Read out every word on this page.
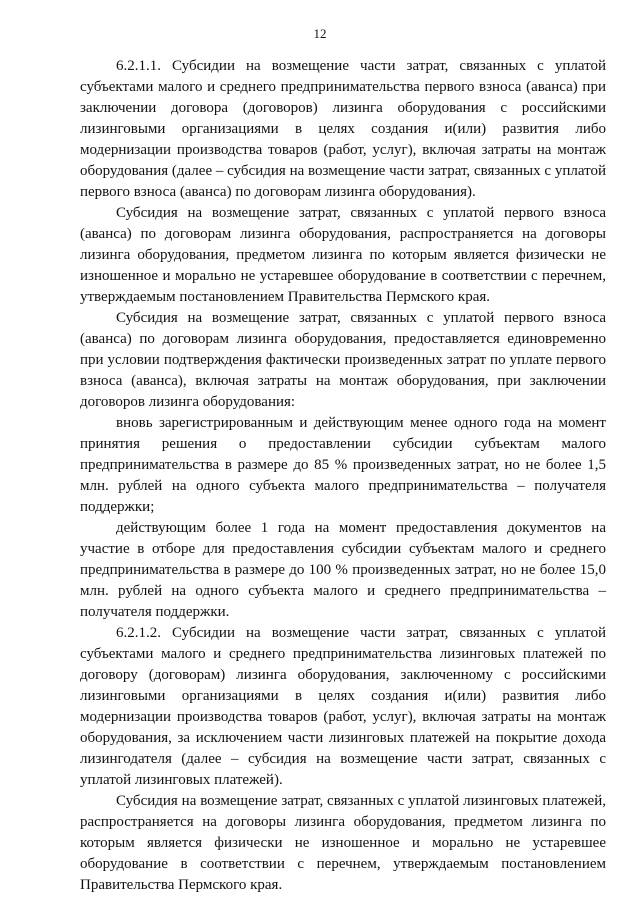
12

6.2.1.1. Субсидии на возмещение части затрат, связанных с уплатой субъектами малого и среднего предпринимательства первого взноса (аванса) при заключении договора (договоров) лизинга оборудования с российскими лизинговыми организациями в целях создания и(или) развития либо модернизации производства товаров (работ, услуг), включая затраты на монтаж оборудования (далее – субсидия на возмещение части затрат, связанных с уплатой первого взноса (аванса) по договорам лизинга оборудования).

Субсидия на возмещение затрат, связанных с уплатой первого взноса (аванса) по договорам лизинга оборудования, распространяется на договоры лизинга оборудования, предметом лизинга по которым является физически не изношенное и морально не устаревшее оборудование в соответствии с перечнем, утверждаемым постановлением Правительства Пермского края.

Субсидия на возмещение затрат, связанных с уплатой первого взноса (аванса) по договорам лизинга оборудования, предоставляется единовременно при условии подтверждения фактически произведенных затрат по уплате первого взноса (аванса), включая затраты на монтаж оборудования, при заключении договоров лизинга оборудования:

вновь зарегистрированным и действующим менее одного года на момент принятия решения о предоставлении субсидии субъектам малого предпринимательства в размере до 85 % произведенных затрат, но не более 1,5 млн. рублей на одного субъекта малого предпринимательства – получателя поддержки;

действующим более 1 года на момент предоставления документов на участие в отборе для предоставления субсидии субъектам малого и среднего предпринимательства в размере до 100 % произведенных затрат, но не более 15,0 млн. рублей на одного субъекта малого и среднего предпринимательства – получателя поддержки.

6.2.1.2. Субсидии на возмещение части затрат, связанных с уплатой субъектами малого и среднего предпринимательства лизинговых платежей по договору (договорам) лизинга оборудования, заключенному с российскими лизинговыми организациями в целях создания и(или) развития либо модернизации производства товаров (работ, услуг), включая затраты на монтаж оборудования, за исключением части лизинговых платежей на покрытие дохода лизингодателя (далее – субсидия на возмещение части затрат, связанных с уплатой лизинговых платежей).

Субсидия на возмещение затрат, связанных с уплатой лизинговых платежей, распространяется на договоры лизинга оборудования, предметом лизинга по которым является физически не изношенное и морально не устаревшее оборудование в соответствии с перечнем, утверждаемым постановлением Правительства Пермского края.
